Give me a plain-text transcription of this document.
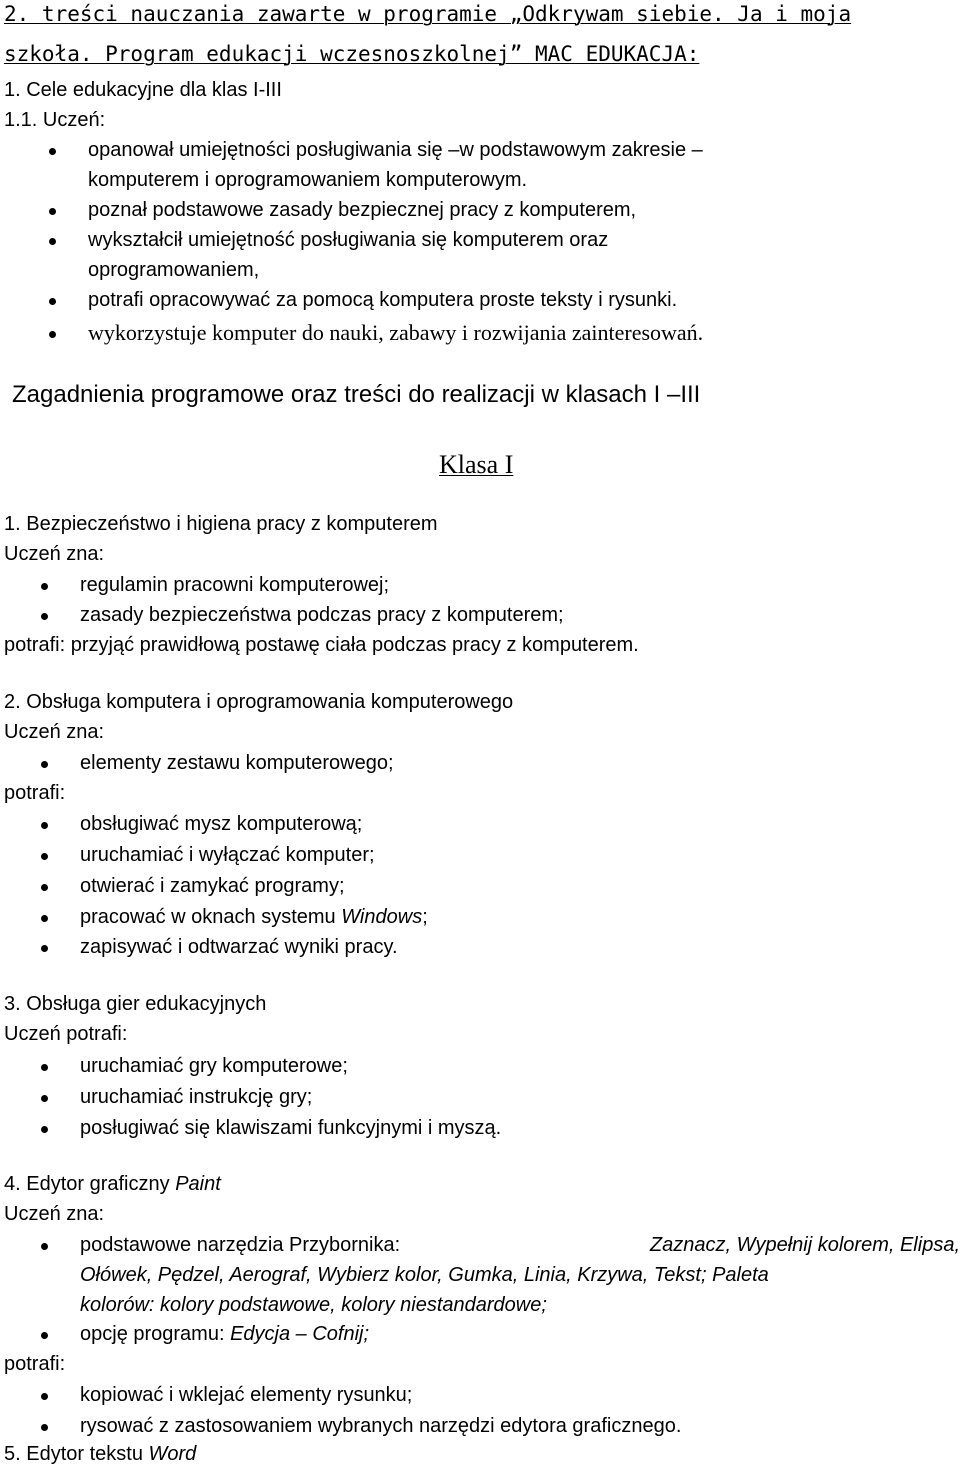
2. treści nauczania zawarte w programie „Odkrywam siebie. Ja i moja
szkoła. Program edukacji wczesnoszkolnej” MAC EDUKACJA:
1. Cele edukacyjne dla klas I-III
1.1. Uczeń:
opanował umiejętności posługiwania się –w podstawowym zakresie –
komputerem i oprogramowaniem komputerowym.
poznał podstawowe zasady bezpiecznej pracy z komputerem,
wykształcił umiejętność posługiwania się komputerem oraz
oprogramowaniem,
potrafi opracowywać za pomocą komputera proste teksty i rysunki.
wykorzystuje komputer do nauki, zabawy i rozwijania zainteresowań.
Zagadnienia programowe oraz treści do realizacji w klasach I –III
Klasa I
1. Bezpieczeństwo i higiena pracy z komputerem
Uczeń zna:
regulamin pracowni komputerowej;
zasady bezpieczeństwa podczas pracy z komputerem;
potrafi: przyjąć prawidłową postawę ciała podczas pracy z komputerem.
2. Obsługa komputera i oprogramowania komputerowego
Uczeń zna:
elementy zestawu komputerowego;
potrafi:
obsługiwać mysz komputerową;
uruchamiać i wyłączać komputer;
otwierać i zamykać programy;
pracować w oknach systemu Windows;
zapisywać i odtwarzać wyniki pracy.
3. Obsługa gier edukacyjnych
Uczeń potrafi:
uruchamiać gry komputerowe;
uruchamiać instrukcję gry;
posługiwać się klawiszami funkcyjnymi i myszą.
4. Edytor graficzny Paint
Uczeń zna:
podstawowe narzędzia Przybornika:	Zaznacz, Wypełnij kolorem, Elipsa,
Ołówek, Pędzel, Aerograf, Wybierz kolor, Gumka, Linia, Krzywa, Tekst; Paleta
kolorów: kolory podstawowe, kolory niestandardowe;
opcję programu: Edycja – Cofnij;
potrafi:
kopiować i wklejać elementy rysunku;
rysować z zastosowaniem wybranych narzędzi edytora graficznego.
5. Edytor tekstu Word
